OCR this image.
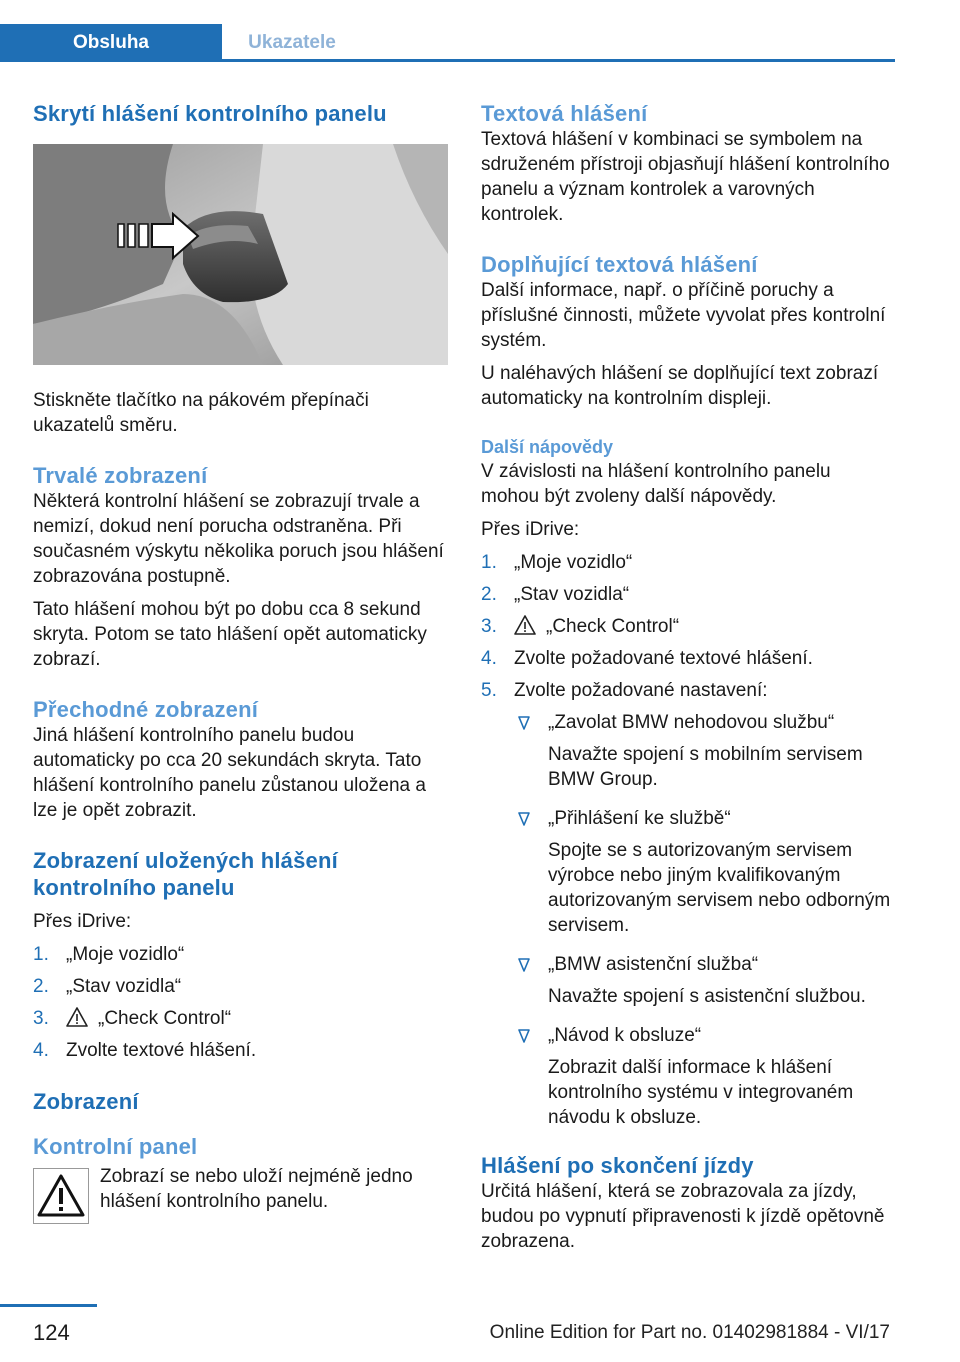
Obsluha	Ukazatele
Skrytí hlášení kontrolního panelu

Stiskněte tlačítko na pákovém přepínači ukazatelů směru.

Trvalé zobrazení

Některá kontrolní hlášení se zobrazují trvale a nemizí, dokud není porucha odstraněna. Při současném výskytu několika poruch jsou hlášení zobrazována postupně.

Tato hlášení mohou být po dobu cca 8 sekund skryta. Potom se tato hlášení opět automaticky zobrazí.

Přechodné zobrazení

Jiná hlášení kontrolního panelu budou automaticky po cca 20 sekundách skryta. Tato hlášení kontrolního panelu zůstanou uložena a lze je opět zobrazit.

Zobrazení uložených hlášení kontrolního panelu

Přes iDrive:

1. „Moje vozidlo“
2. „Stav vozidla“
3.	„Check Control“
4. Zvolte textové hlášení.
Zobrazení
Kontrolní panel

Zobrazí se nebo uloží nejméně jedno hlášení kontrolního panelu.

Textová hlášení

Textová hlášení v kombinaci se symbolem na sdruženém přístroji objasňují hlášení kontrolního panelu a význam kontrolek a varovných kontrolek.

Doplňující textová hlášení

Další informace, např. o příčině poruchy a příslušné činnosti, můžete vyvolat přes kontrolní systém.

U naléhavých hlášení se doplňující text zobrazí automaticky na kontrolním displeji.

Další nápovědy

V závislosti na hlášení kontrolního panelu mohou být zvoleny další nápovědy.

Přes iDrive:

1. „Moje vozidlo“
2. „Stav vozidla“
3.	„Check Control“
4. Zvolte požadované textové hlášení.
5. Zvolte požadované nastavení:
„Zavolat BMW nehodovou službu“
Navažte spojení s mobilním servisem BMW Group.
„Přihlášení ke službě“
Spojte se s autorizovaným servisem výrobce nebo jiným kvalifikovaným autorizovaným servisem nebo odborným servisem.
„BMW asistenční služba“
Navažte spojení s asistenční službou.
„Návod k obsluze“
Zobrazit další informace k hlášení kontrolního systému v integrovaném návodu k obsluze.
Hlášení po skončení jízdy

Určitá hlášení, která se zobrazovala za jízdy, budou po vypnutí připravenosti k jízdě opětovně zobrazena.

124	Online Edition for Part no. 01402981884 - VI/17
